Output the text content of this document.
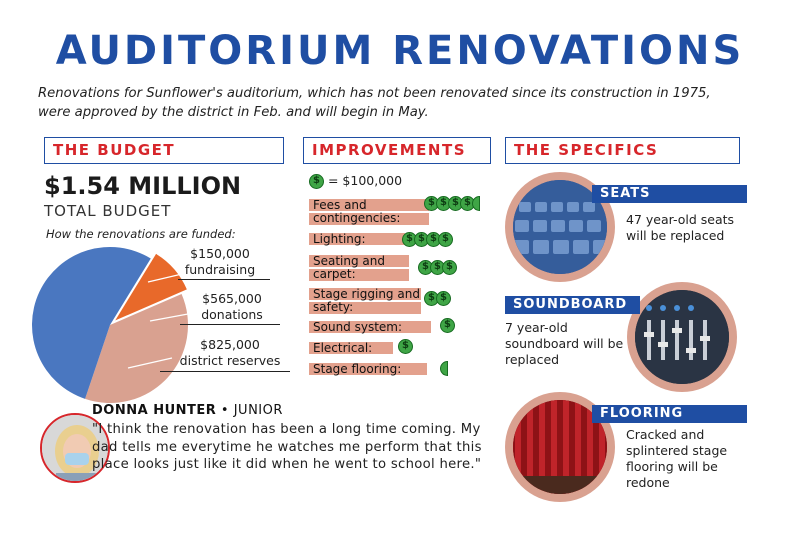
AUDITORIUM RENOVATIONS
Renovations for Sunflower's auditorium, which has not been renovated since its construction in 1975, were approved by the district in Feb. and will begin in May.
THE BUDGET	IMPROVEMENTS	THE SPECIFICS
$1.54 MILLION
TOTAL BUDGET
How the renovations are funded:
$150,000
fundraising
$565,000
donations
$825,000
district reserves
$ = $100,000
Fees and contingencies:
$ $ $ $
Lighting:	$ $ $ $
Seating and carpet:
$ $ $
Stage rigging and safety:
$ $
Sound system:	$
Electrical:	$
Stage flooring:
SEATS
47 year-old seats will be replaced
SOUNDBOARD
7 year-old soundboard will be replaced
FLOORING
Cracked and splintered stage flooring will be redone
DONNA HUNTER • JUNIOR
"I think the renovation has been a long time coming. My dad tells me everytime he watches me perform that this place looks just like it did when he went to school here."
